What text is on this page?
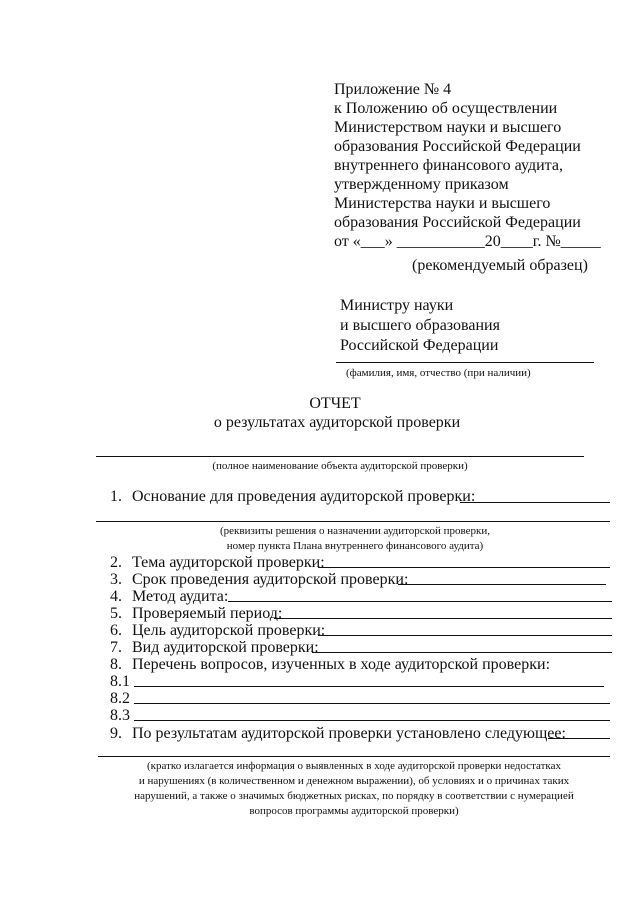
Приложение № 4
к Положению об осуществлении
Министерством науки и высшего
образования Российской Федерации
внутреннего финансового аудита,
утвержденному приказом
Министерства науки и высшего
образования Российской Федерации
от «___» ___________20____г. №_____
(рекомендуемый образец)
Министру науки
и высшего образования
Российской Федерации
(фамилия, имя, отчество (при наличии)
ОТЧЕТ
о результатах аудиторской проверки
(полное наименование объекта аудиторской проверки)
1. Основание для проведения аудиторской проверки:
(реквизиты решения о назначении аудиторской проверки,
номер пункта Плана внутреннего финансового аудита)
2. Тема аудиторской проверки:
3. Срок проведения аудиторской проверки:
4. Метод аудита:
5. Проверяемый период:
6. Цель аудиторской проверки:
7. Вид аудиторской проверки:
8. Перечень вопросов, изученных в ходе аудиторской проверки:
8.1
8.2
8.3
9. По результатам аудиторской проверки установлено следующее:
(кратко излагается информация о выявленных в ходе аудиторской проверки недостатках
и нарушениях (в количественном и денежном выражении), об условиях и о причинах таких
нарушений, а также о значимых бюджетных рисках, по порядку в соответствии с нумерацией
вопросов программы аудиторской проверки)
